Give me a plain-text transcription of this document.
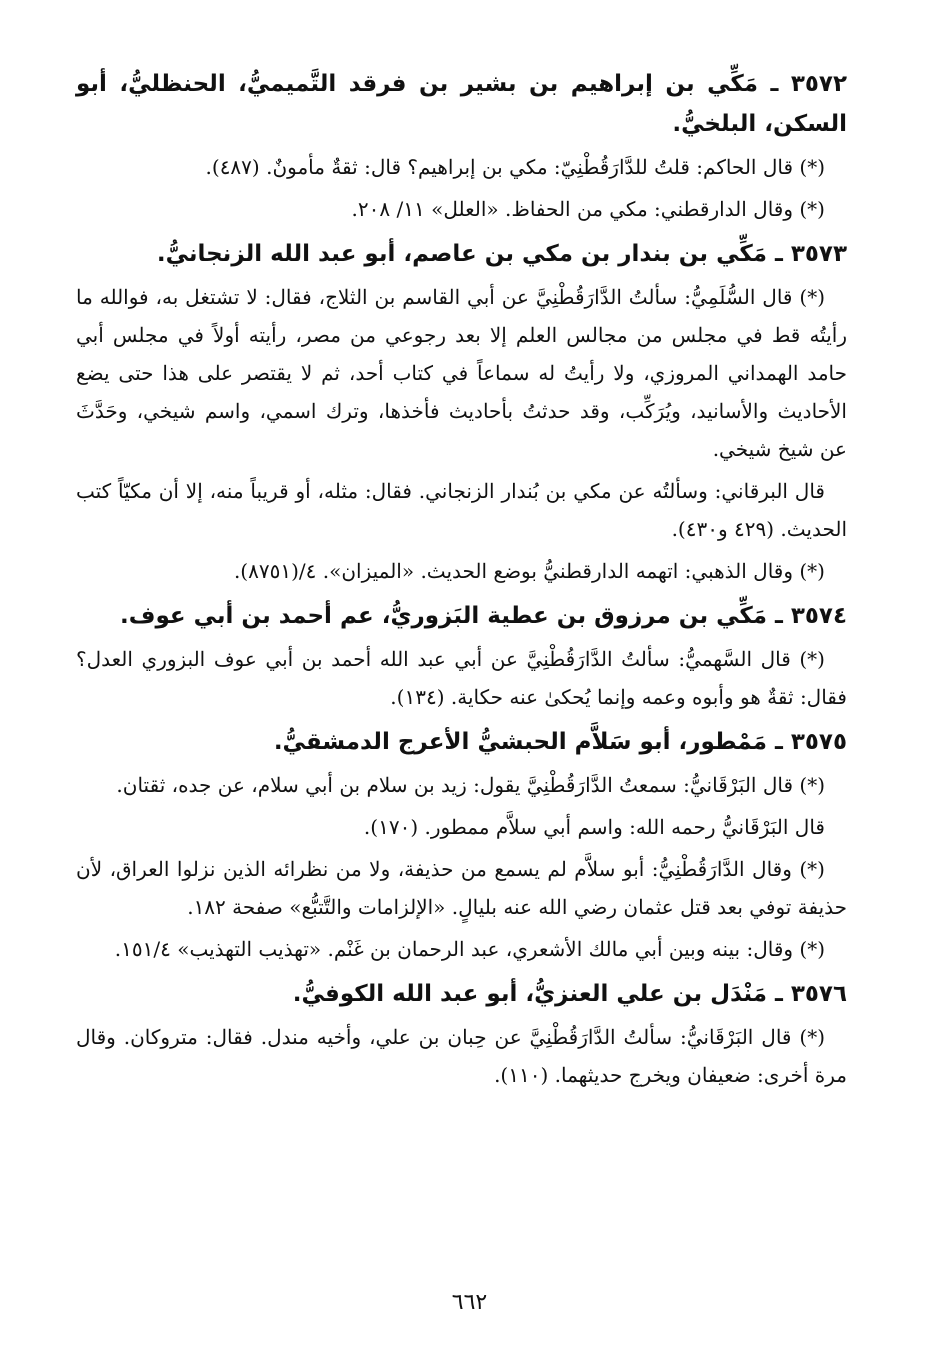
٣٥٧٢ ـ مَكِّي بن إبراهيم بن بشير بن فرقد التَّميميُّ، الحنظليُّ، أبو السكن، البلخيُّ.

(*) قال الحاكم: قلتُ للدَّارَقُطْنِيّ: مكي بن إبراهيم؟ قال: ثقةٌ مأمونٌ. (٤٨٧).

(*) وقال الدارقطني: مكي من الحفاظ. «العلل» ١١/ ٢٠٨.

٣٥٧٣ ـ مَكِّي بن بندار بن مكي بن عاصم، أبو عبد الله الزنجانيُّ.

(*) قال السُّلَمِيُّ: سألتُ الدَّارَقُطْنِيَّ عن أبي القاسم بن الثلاج، فقال: لا تشتغل به، فوالله ما رأيتُه قط في مجلس من مجالس العلم إلا بعد رجوعي من مصر، رأيته أولاً في مجلس أبي حامد الهمداني المروزي، ولا رأيتُ له سماعاً في كتاب أحد، ثم لا يقتصر على هذا حتى يضع الأحاديث والأسانيد، ويُرَكِّب، وقد حدثتُ بأحاديث فأخذها، وترك اسمي، واسم شيخي، وحَدَّثَ عن شيخ شيخي.

قال البرقاني: وسألتُه عن مكي بن بُندار الزنجاني. فقال: مثله، أو قريباً منه، إلا أن مكيّاً كتب الحديث. (٤٢٩ و٤٣٠).

(*) وقال الذهبي: اتهمه الدارقطنيُّ بوضع الحديث. «الميزان». ٤/(٨٧٥١).

٣٥٧٤ ـ مَكِّي بن مرزوق بن عطية البَزوريُّ، عم أحمد بن أبي عوف.

(*) قال السَّهميُّ: سألتُ الدَّارَقُطْنِيَّ عن أبي عبد الله أحمد بن أبي عوف البزوري العدل؟ فقال: ثقةٌ هو وأبوه وعمه وإنما يُحكىٰ عنه حكاية. (١٣٤).

٣٥٧٥ ـ مَمْطور، أبو سَلاَّم الحبشيُّ الأعرج الدمشقيُّ.

(*) قال البَرْقَانيُّ: سمعتُ الدَّارَقُطْنِيَّ يقول: زيد بن سلام بن أبي سلام، عن جده، ثقتان.

قال البَرْقَانيُّ رحمه الله: واسم أبي سلاَّم ممطور. (١٧٠).

(*) وقال الدَّارَقُطْنِيُّ: أبو سلاَّم لم يسمع من حذيفة، ولا من نظرائه الذين نزلوا العراق، لأن حذيفة توفي بعد قتل عثمان رضي الله عنه بليالٍ. «الإلزامات والتَّتبُّع» صفحة ١٨٢.

(*) وقال: بينه وبين أبي مالك الأشعري، عبد الرحمان بن غَنْم. «تهذيب التهذيب» ١٥١/٤.

٣٥٧٦ ـ مَنْدَل بن علي العنزيُّ، أبو عبد الله الكوفيُّ.

(*) قال البَرْقَانيُّ: سألتُ الدَّارَقُطْنِيَّ عن حِبان بن علي، وأخيه مندل. فقال: متروكان. وقال مرة أخرى: ضعيفان ويخرج حديثهما. (١١٠).

٦٦٢
